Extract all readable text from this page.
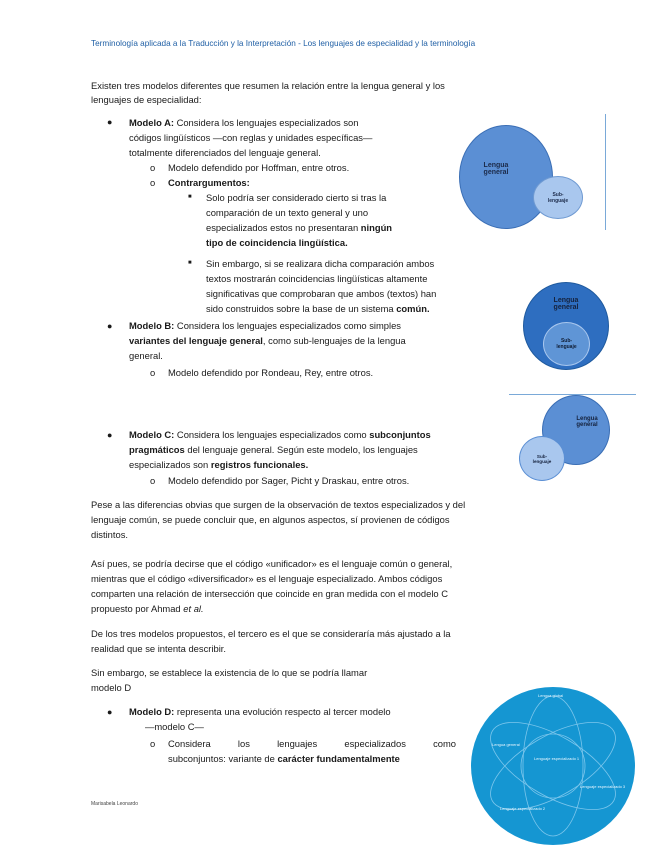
Terminología aplicada a la Traducción y la Interpretación - Los lenguajes de especialidad y la terminología
Existen tres modelos diferentes que resumen la relación entre la lengua general y los
lenguajes de especialidad:
● Modelo A: Considera los lenguajes especializados son
códigos lingüísticos —con reglas y unidades específicas—
totalmente diferenciados del lenguaje general.
o Modelo defendido por Hoffman, entre otros.
o Contrargumentos:
■ Solo podría ser considerado cierto si tras la
comparación de un texto general y uno
especializados estos no presentaran ningún
tipo de coincidencia lingüística.
■ Sin embargo, si se realizara dicha comparación ambos
textos mostrarán coincidencias lingüísticas altamente
significativas que comprobaran que ambos (textos) han
sido construidos sobre la base de un sistema común.
● Modelo B: Considera los lenguajes especializados como simples
variantes del lenguaje general, como sub-lenguajes de la lengua
general.
o Modelo defendido por Rondeau, Rey, entre otros.
● Modelo C: Considera los lenguajes especializados como subconjuntos
pragmáticos del lenguaje general. Según este modelo, los lenguajes
especializados son registros funcionales.
o Modelo defendido por Sager, Picht y Draskau, entre otros.
Pese a las diferencias obvias que surgen de la observación de textos especializados y del
lenguaje común, se puede concluir que, en algunos aspectos, sí provienen de códigos
distintos.
Así pues, se podría decirse que el código «unificador» es el lenguaje común o general,
mientras que el código «diversificador» es el lenguaje especializado. Ambos códigos
comparten una relación de intersección que coincide en gran medida con el modelo C
propuesto por Ahmad et al.
De los tres modelos propuestos, el tercero es el que se consideraría más ajustado a la
realidad que se intenta describir.
Sin embargo, se establece la existencia de lo que se podría llamar
modelo D
● Modelo D: representa una evolución respecto al tercer modelo
—modelo C—
o Considera los lenguajes especializados como
subconjuntos: variante de carácter fundamentalmente
Lengua general
Sub-lenguaje
Lengua general
Sub-lenguaje
Lengua general
Sub-lenguaje
Lengua global
Lengua general
Lenguaje especializado 1
Lenguaje especializado 3
Lenguaje especializado 2
Marisabela Leonardo
